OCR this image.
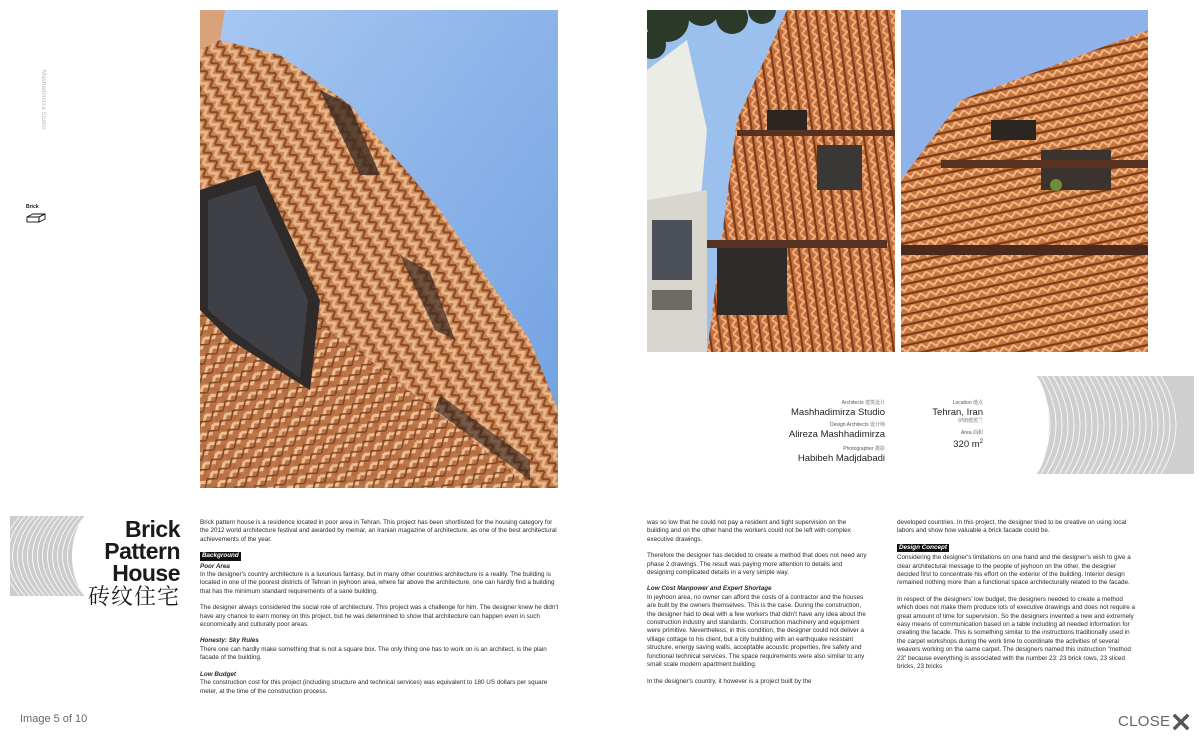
Mashadimirza Studio
Brick
Brick
Pattern
House
砖纹住宅
Architects 建筑设计
Mashhadimirza Studio
Design Architects 设计师
Alireza Mashhadimirza
Photographer 摄影
Habibeh Madjdabadi
Location 地点
Tehran, Iran
伊朗德黑兰
Area 面积
320 $m^2$

Brick pattern house is a residence located in poor area in Tehran. This project has been shortlisted for the housing category for the 2012 world architecture festival and awarded by memar, an Iranian magazine of architecture, as one of the best architectural achievements of the year.

Background
Poor Area

In the designer's country architecture is a luxurious fantasy, but in many other countries architecture is a reality. The building is located in one of the poorest districts of Tehran in jeyhoon area, where far above the architecture, one can hardly find a building that has the minimum standard requirements of a sane building.

The designer always considered the social role of architecture. This project was a challenge for him. The designer knew he didn't have any chance to earn money on this project, but he was determined to show that architecture can happen even in such economically and culturally poor areas.

Honesty: Sky Rules

There one can hardly make something that is not a square box. The only thing one has to work on is an architect, is the plain facade of the building.

Low Budget

The construction cost for this project (including structure and technical services) was equivalent to 180 US dollars per square meter, at the time of the construction process.

was so low that he could not pay a resident and tight supervision on the building and on the other hand the workers could not be left with complex executive drawings.

Therefore the designer has decided to create a method that does not need any phase 2 drawings. The result was paying more attention to details and designing complicated details in a very simple way.

Low Cost Manpower and Expert Shortage

In jeyhoon area, no owner can afford the costs of a contractor and the houses are built by the owners themselves. This is the case. During the construction, the designer had to deal with a few workers that didn't have any idea about the construction industry and standards. Construction machinery and equipment were primitive. Nevertheless, in this condition, the designer could not deliver a village cottage to his client, but a city building with an earthquake resistant structure, energy saving walls, acceptable acoustic properties, fire safety and functional technical services. The space requirements were also similar to any small scale modern apartment building.

In the designer's country, it however is a project built by the

developed countries. In this project, the designer tried to be creative on using local labors and show how valuable a brick facade could be.

Design Concept

Considering the designer's limitations on one hand and the designer's wish to give a clear architectural message to the people of jeyhoon on the other, the designer decided first to concentrate his effort on the exterior of the building. Interior design remained nothing more than a functional space architecturally related to the facade.

In respect of the designers' low budget, the designers needed to create a method which does not make them produce lots of executive drawings and does not require a great amount of time for supervision. So the designers invented a new and extremely easy means of communication based on a table including all needed information for creating the facade. This is something similar to the instructions traditionally used in the carpet workshops during the work time to coordinate the activities of several weavers working on the same carpet. The designers named this instruction "method 23" because everything is associated with the number 23: 23 brick rows, 23 sliced bricks, 23 bricks

Image 5 of 10	CLOSE
